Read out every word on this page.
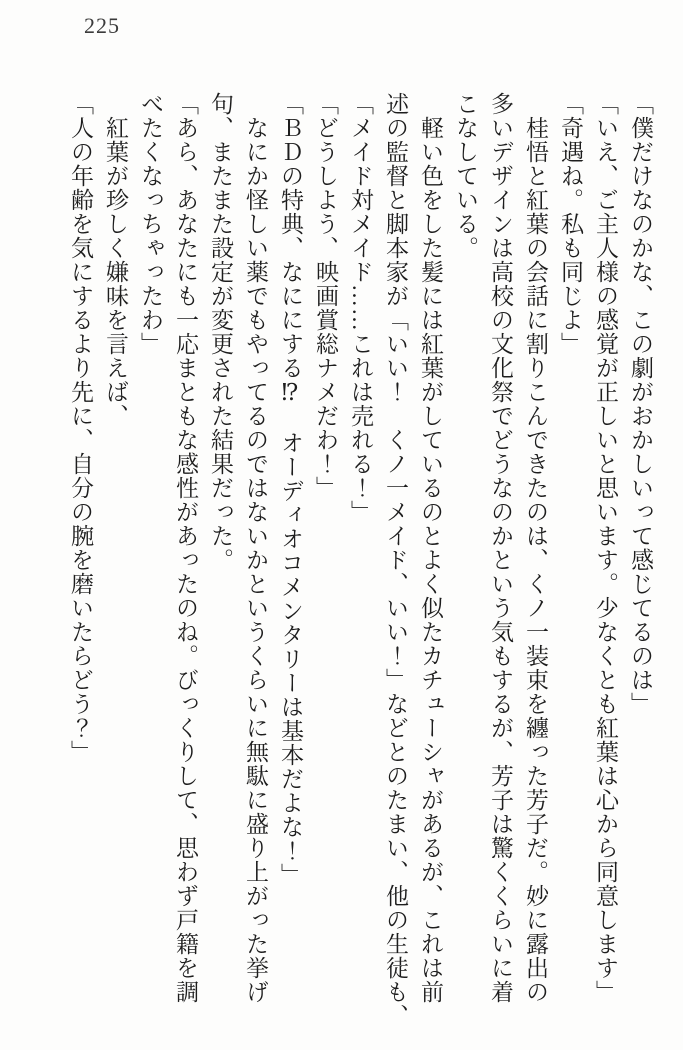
225

「僕だけなのかな、この劇がおかしいって感じてるのは」

「いえ、ご主人様の感覚が正しいと思います。少なくとも紅葉は心から同意します」

「奇遇ね。私も同じよ」

　桂悟と紅葉の会話に割りこんできたのは、くノ一装束を纏った芳子だ。妙に露出の

多いデザインは高校の文化祭でどうなのかという気もするが、芳子は驚くくらいに着

こなしている。

　軽い色をした髪には紅葉がしているのとよく似たカチューシャがあるが、これは前

述の監督と脚本家が「いい！　くノ一メイド、いい！」などとのたまい、他の生徒も、

「メイド対メイド……これは売れる！」

「どうしよう、映画賞総ナメだわ！」

「ＢＤの特典、なににする⁉　オーディオコメンタリーは基本だよな！」

　なにか怪しい薬でもやってるのではないかというくらいに無駄に盛り上がった挙げ

句、またまた設定が変更された結果だった。

「あら、あなたにも一応まともな感性があったのね。びっくりして、思わず戸籍を調

べたくなっちゃったわ」

　紅葉が珍しく嫌味を言えば、

「人の年齢を気にするより先に、自分の腕を磨いたらどう？」
